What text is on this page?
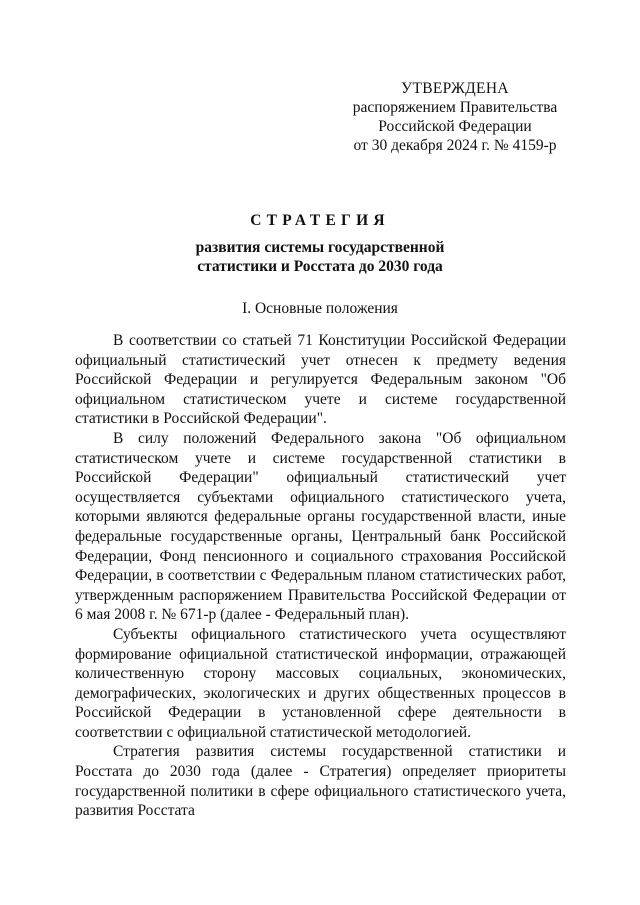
УТВЕРЖДЕНА
распоряжением Правительства
Российской Федерации
от 30 декабря 2024 г. № 4159-р
СТРАТЕГИЯ
развития системы государственной
статистики и Росстата до 2030 года
I. Основные положения

В соответствии со статьей 71 Конституции Российской Федерации официальный статистический учет отнесен к предмету ведения Российской Федерации и регулируется Федеральным законом "Об официальном статистическом учете и системе государственной статистики в Российской Федерации".

В силу положений Федерального закона "Об официальном статистическом учете и системе государственной статистики в Российской Федерации" официальный статистический учет осуществляется субъектами официального статистического учета, которыми являются федеральные органы государственной власти, иные федеральные государственные органы, Центральный банк Российской Федерации, Фонд пенсионного и социального страхования Российской Федерации, в соответствии с Федеральным планом статистических работ, утвержденным распоряжением Правительства Российской Федерации от 6 мая 2008 г. № 671-р (далее - Федеральный план).

Субъекты официального статистического учета осуществляют формирование официальной статистической информации, отражающей количественную сторону массовых социальных, экономических, демографических, экологических и других общественных процессов в Российской Федерации в установленной сфере деятельности в соответствии с официальной статистической методологией.

Стратегия развития системы государственной статистики и Росстата до 2030 года (далее - Стратегия) определяет приоритеты государственной политики в сфере официального статистического учета, развития Росстата
